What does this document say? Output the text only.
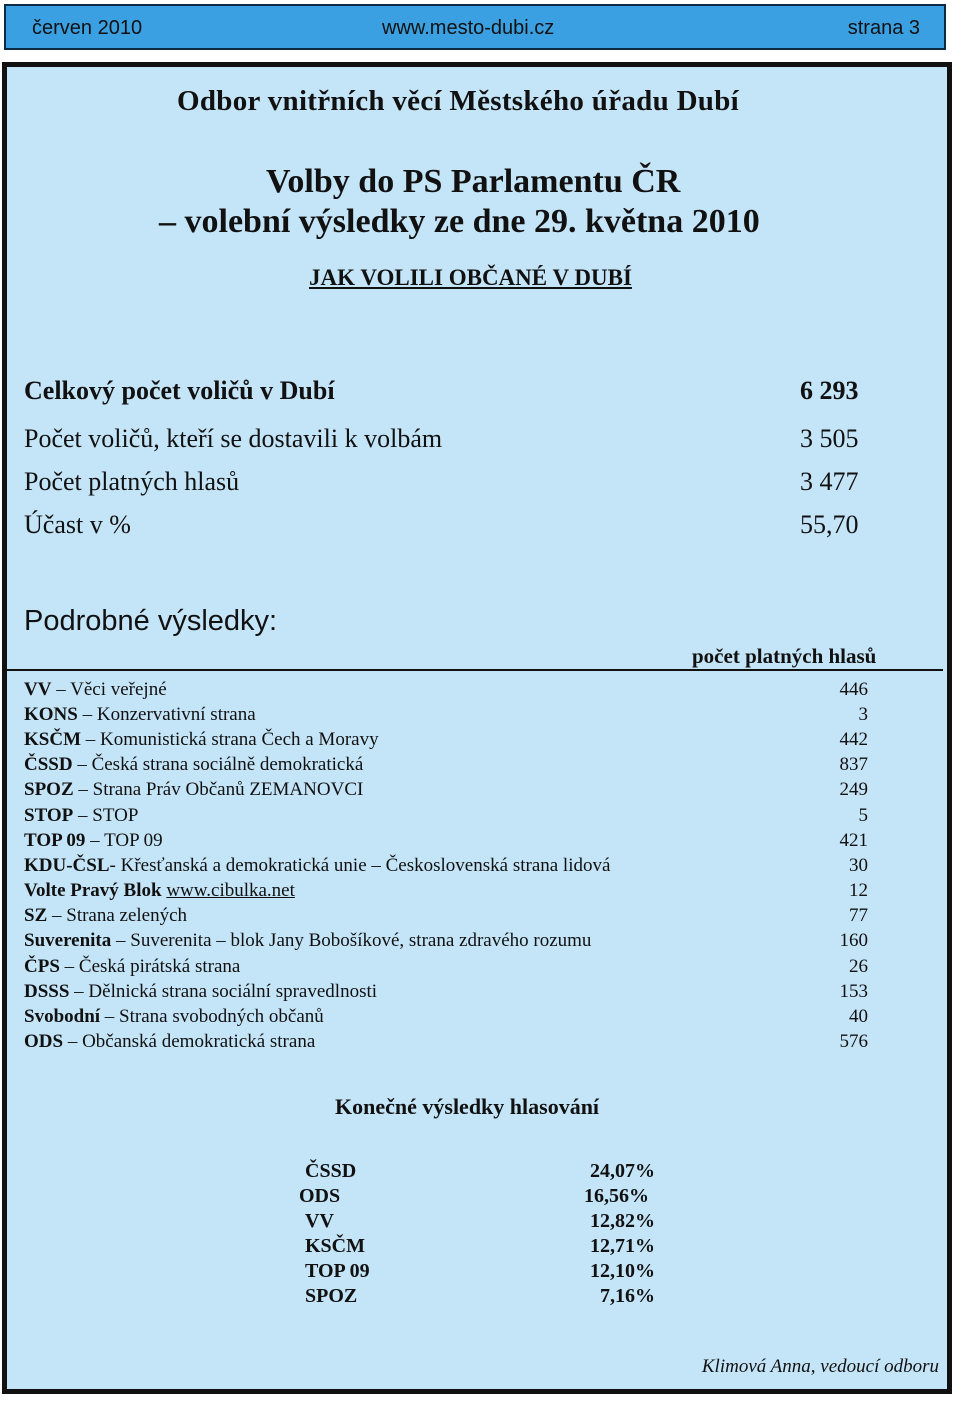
červen 2010	www.mesto-dubi.cz	strana 3
Odbor vnitřních věcí Městského úřadu Dubí
Volby do PS Parlamentu ČR
– volební výsledky ze dne 29. května 2010
JAK VOLILI OBČANÉ V DUBÍ
Celkový počet voličů v Dubí	6 293
Počet voličů, kteří se dostavili k volbám	3 505
Počet platných hlasů	3 477
Účast v %	55,70
Podrobné výsledky:
počet platných hlasů
VV – Věci veřejné	446
KONS – Konzervativní strana	3
KSČM – Komunistická strana Čech a Moravy	442
ČSSD – Česká strana sociálně demokratická	837
SPOZ – Strana Práv Občanů ZEMANOVCI	249
STOP – STOP	5
TOP 09 – TOP 09	421
KDU-ČSL- Křesťanská a demokratická unie – Československá strana lidová	30
Volte Pravý Blok www.cibulka.net	12
SZ – Strana zelených	77
Suverenita – Suverenita – blok Jany Bobošíkové, strana zdravého rozumu	160
ČPS – Česká pirátská strana	26
DSSS – Dělnická strana sociální spravedlnosti	153
Svobodní – Strana svobodných občanů	40
ODS – Občanská demokratická strana	576
Konečné výsledky hlasování
ČSSD	24,07%
ODS	16,56%
VV	12,82%
KSČM	12,71%
TOP 09	12,10%
SPOZ	7,16%
Klimová Anna, vedoucí odboru
